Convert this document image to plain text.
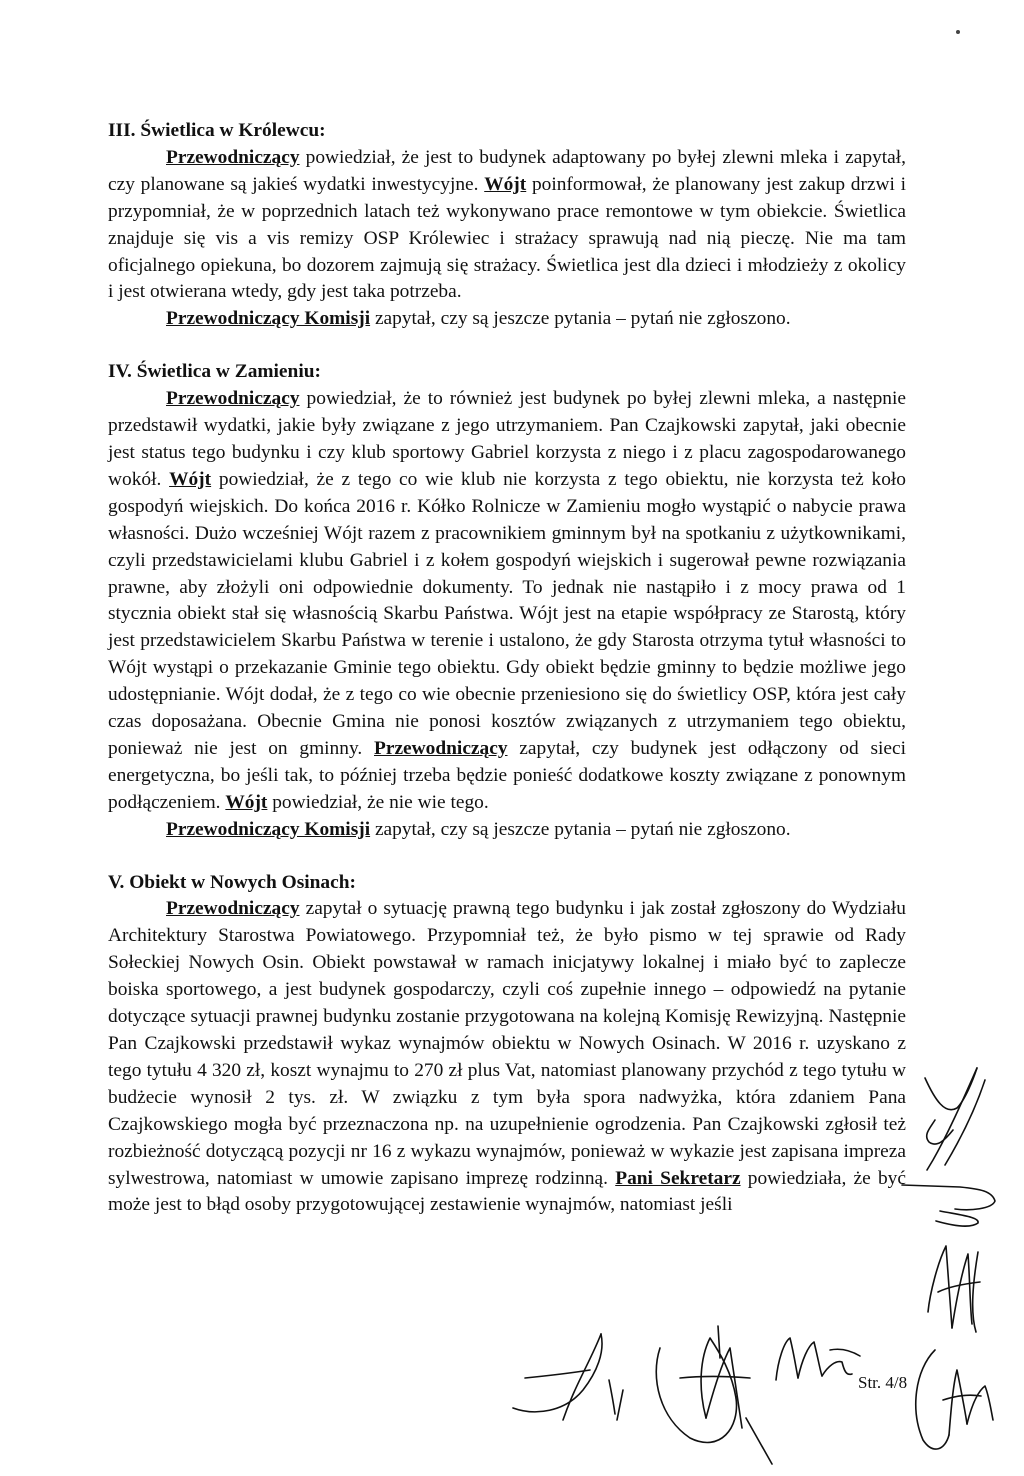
III. Świetlica w Królewcu:

Przewodniczący powiedział, że jest to budynek adaptowany po byłej zlewni mleka i zapytał, czy planowane są jakieś wydatki inwestycyjne. Wójt poinformował, że planowany jest zakup drzwi i przypomniał, że w poprzednich latach też wykonywano prace remontowe w tym obiekcie. Świetlica znajduje się vis a vis remizy OSP Królewiec i strażacy sprawują nad nią pieczę. Nie ma tam oficjalnego opiekuna, bo dozorem zajmują się strażacy. Świetlica jest dla dzieci i młodzieży z okolicy i jest otwierana wtedy, gdy jest taka potrzeba.

Przewodniczący Komisji zapytał, czy są jeszcze pytania – pytań nie zgłoszono.

IV. Świetlica w Zamieniu:

Przewodniczący powiedział, że to również jest budynek po byłej zlewni mleka, a następnie przedstawił wydatki, jakie były związane z jego utrzymaniem. Pan Czajkowski zapytał, jaki obecnie jest status tego budynku i czy klub sportowy Gabriel korzysta z niego i z placu zagospodarowanego wokół. Wójt powiedział, że z tego co wie klub nie korzysta z tego obiektu, nie korzysta też koło gospodyń wiejskich. Do końca 2016 r. Kółko Rolnicze w Zamieniu mogło wystąpić o nabycie prawa własności. Dużo wcześniej Wójt razem z pracownikiem gminnym był na spotkaniu z użytkownikami, czyli przedstawicielami klubu Gabriel i z kołem gospodyń wiejskich i sugerował pewne rozwiązania prawne, aby złożyli oni odpowiednie dokumenty. To jednak nie nastąpiło i z mocy prawa od 1 stycznia obiekt stał się własnością Skarbu Państwa. Wójt jest na etapie współpracy ze Starostą, który jest przedstawicielem Skarbu Państwa w terenie i ustalono, że gdy Starosta otrzyma tytuł własności to Wójt wystąpi o przekazanie Gminie tego obiektu. Gdy obiekt będzie gminny to będzie możliwe jego udostępnianie. Wójt dodał, że z tego co wie obecnie przeniesiono się do świetlicy OSP, która jest cały czas doposażana. Obecnie Gmina nie ponosi kosztów związanych z utrzymaniem tego obiektu, ponieważ nie jest on gminny. Przewodniczący zapytał, czy budynek jest odłączony od sieci energetyczna, bo jeśli tak, to później trzeba będzie ponieść dodatkowe koszty związane z ponownym podłączeniem. Wójt powiedział, że nie wie tego.

Przewodniczący Komisji zapytał, czy są jeszcze pytania – pytań nie zgłoszono.

V. Obiekt w Nowych Osinach:

Przewodniczący zapytał o sytuację prawną tego budynku i jak został zgłoszony do Wydziału Architektury Starostwa Powiatowego. Przypomniał też, że było pismo w tej sprawie od Rady Sołeckiej Nowych Osin. Obiekt powstawał w ramach inicjatywy lokalnej i miało być to zaplecze boiska sportowego, a jest budynek gospodarczy, czyli coś zupełnie innego – odpowiedź na pytanie dotyczące sytuacji prawnej budynku zostanie przygotowana na kolejną Komisję Rewizyjną. Następnie Pan Czajkowski przedstawił wykaz wynajmów obiektu w Nowych Osinach. W 2016 r. uzyskano z tego tytułu 4 320 zł, koszt wynajmu to 270 zł plus Vat, natomiast planowany przychód z tego tytułu w budżecie wynosił 2 tys. zł. W związku z tym była spora nadwyżka, która zdaniem Pana Czajkowskiego mogła być przeznaczona np. na uzupełnienie ogrodzenia. Pan Czajkowski zgłosił też rozbieżność dotyczącą pozycji nr 16 z wykazu wynajmów, ponieważ w wykazie jest zapisana impreza sylwestrowa, natomiast w umowie zapisano imprezę rodzinną. Pani Sekretarz powiedziała, że być może jest to błąd osoby przygotowującej zestawienie wynajmów, natomiast jeśli

Str. 4/8
